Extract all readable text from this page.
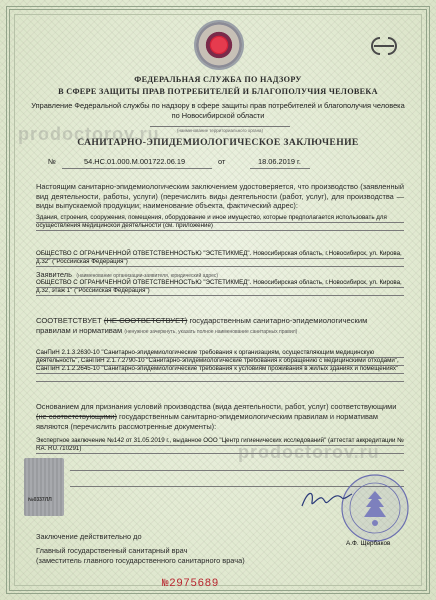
ФЕДЕРАЛЬНАЯ СЛУЖБА ПО НАДЗОРУ
В СФЕРЕ ЗАЩИТЫ ПРАВ ПОТРЕБИТЕЛЕЙ И БЛАГОПОЛУЧИЯ ЧЕЛОВЕКА
Управление Федеральной службы по надзору в сфере защиты прав потребителей и благополучия человека по Новосибирской области
(наименование территориального органа)
prodoctorov.ru
prodoctorov.ru
САНИТАРНО-ЭПИДЕМИОЛОГИЧЕСКОЕ ЗАКЛЮЧЕНИЕ
№	54.НС.01.000.М.001722.06.19	от	18.06.2019 г.
Настоящим санитарно-эпидемиологическим заключением удостоверяется, что производство (заявленный вид деятельности, работы, услуги) (перечислить виды деятельности (работ, услуг), для производства — виды выпускаемой продукции; наименование объекта, фактический адрес):
Здания, строения, сооружения, помещения, оборудование и иное имущество, которые предполагается использовать для осуществления медицинской деятельности (см. приложение)
ОБЩЕСТВО С ОГРАНИЧЕННОЙ ОТВЕТСТВЕННОСТЬЮ "ЭСТЕТИКМЕД". Новосибирская область, г.Новосибирск, ул. Кирова, д.32" ("Российская Федерация")
Заявитель (наименование организации-заявителя, юридический адрес)
ОБЩЕСТВО С ОГРАНИЧЕННОЙ ОТВЕТСТВЕННОСТЬЮ "ЭСТЕТИКМЕД". Новосибирская область, г.Новосибирск, ул. Кирова, д.32, этаж 1" ("Российская Федерация")
СООТВЕТСТВУЕТ (НЕ СООТВЕТСТВУЕТ) государственным санитарно-эпидемиологическим правилам и нормативам (ненужное зачеркнуть, указать полное наименование санитарных правил)
СанПиН 2.1.3.2630-10 "Санитарно-эпидемиологические требования к организациям, осуществляющим медицинскую деятельность", СанПиН 2.1.7.2790-10 "Санитарно-эпидемиологические требования к обращению с медицинскими отходами", СанПиН 2.1.2.2645-10 "Санитарно-эпидемиологические требования к условиям проживания в жилых зданиях и помещениях"
Основанием для признания условий производства (вида деятельности, работ, услуг) соответствующими (не соответствующими) государственным санитарно-эпидемиологическим правилам и нормативам являются (перечислить рассмотренные документы):
Экспертное заключение №142 от 31.05.2019 г., выданное ООО "Центр гигиенических исследований" (аттестат аккредитации № RA. RU.710291)
№0337ЛЛ
Заключение действительно до
Главный государственный санитарный врач
(заместитель главного государственного санитарного врача)
А.Ф. Щербаков
№2975689
